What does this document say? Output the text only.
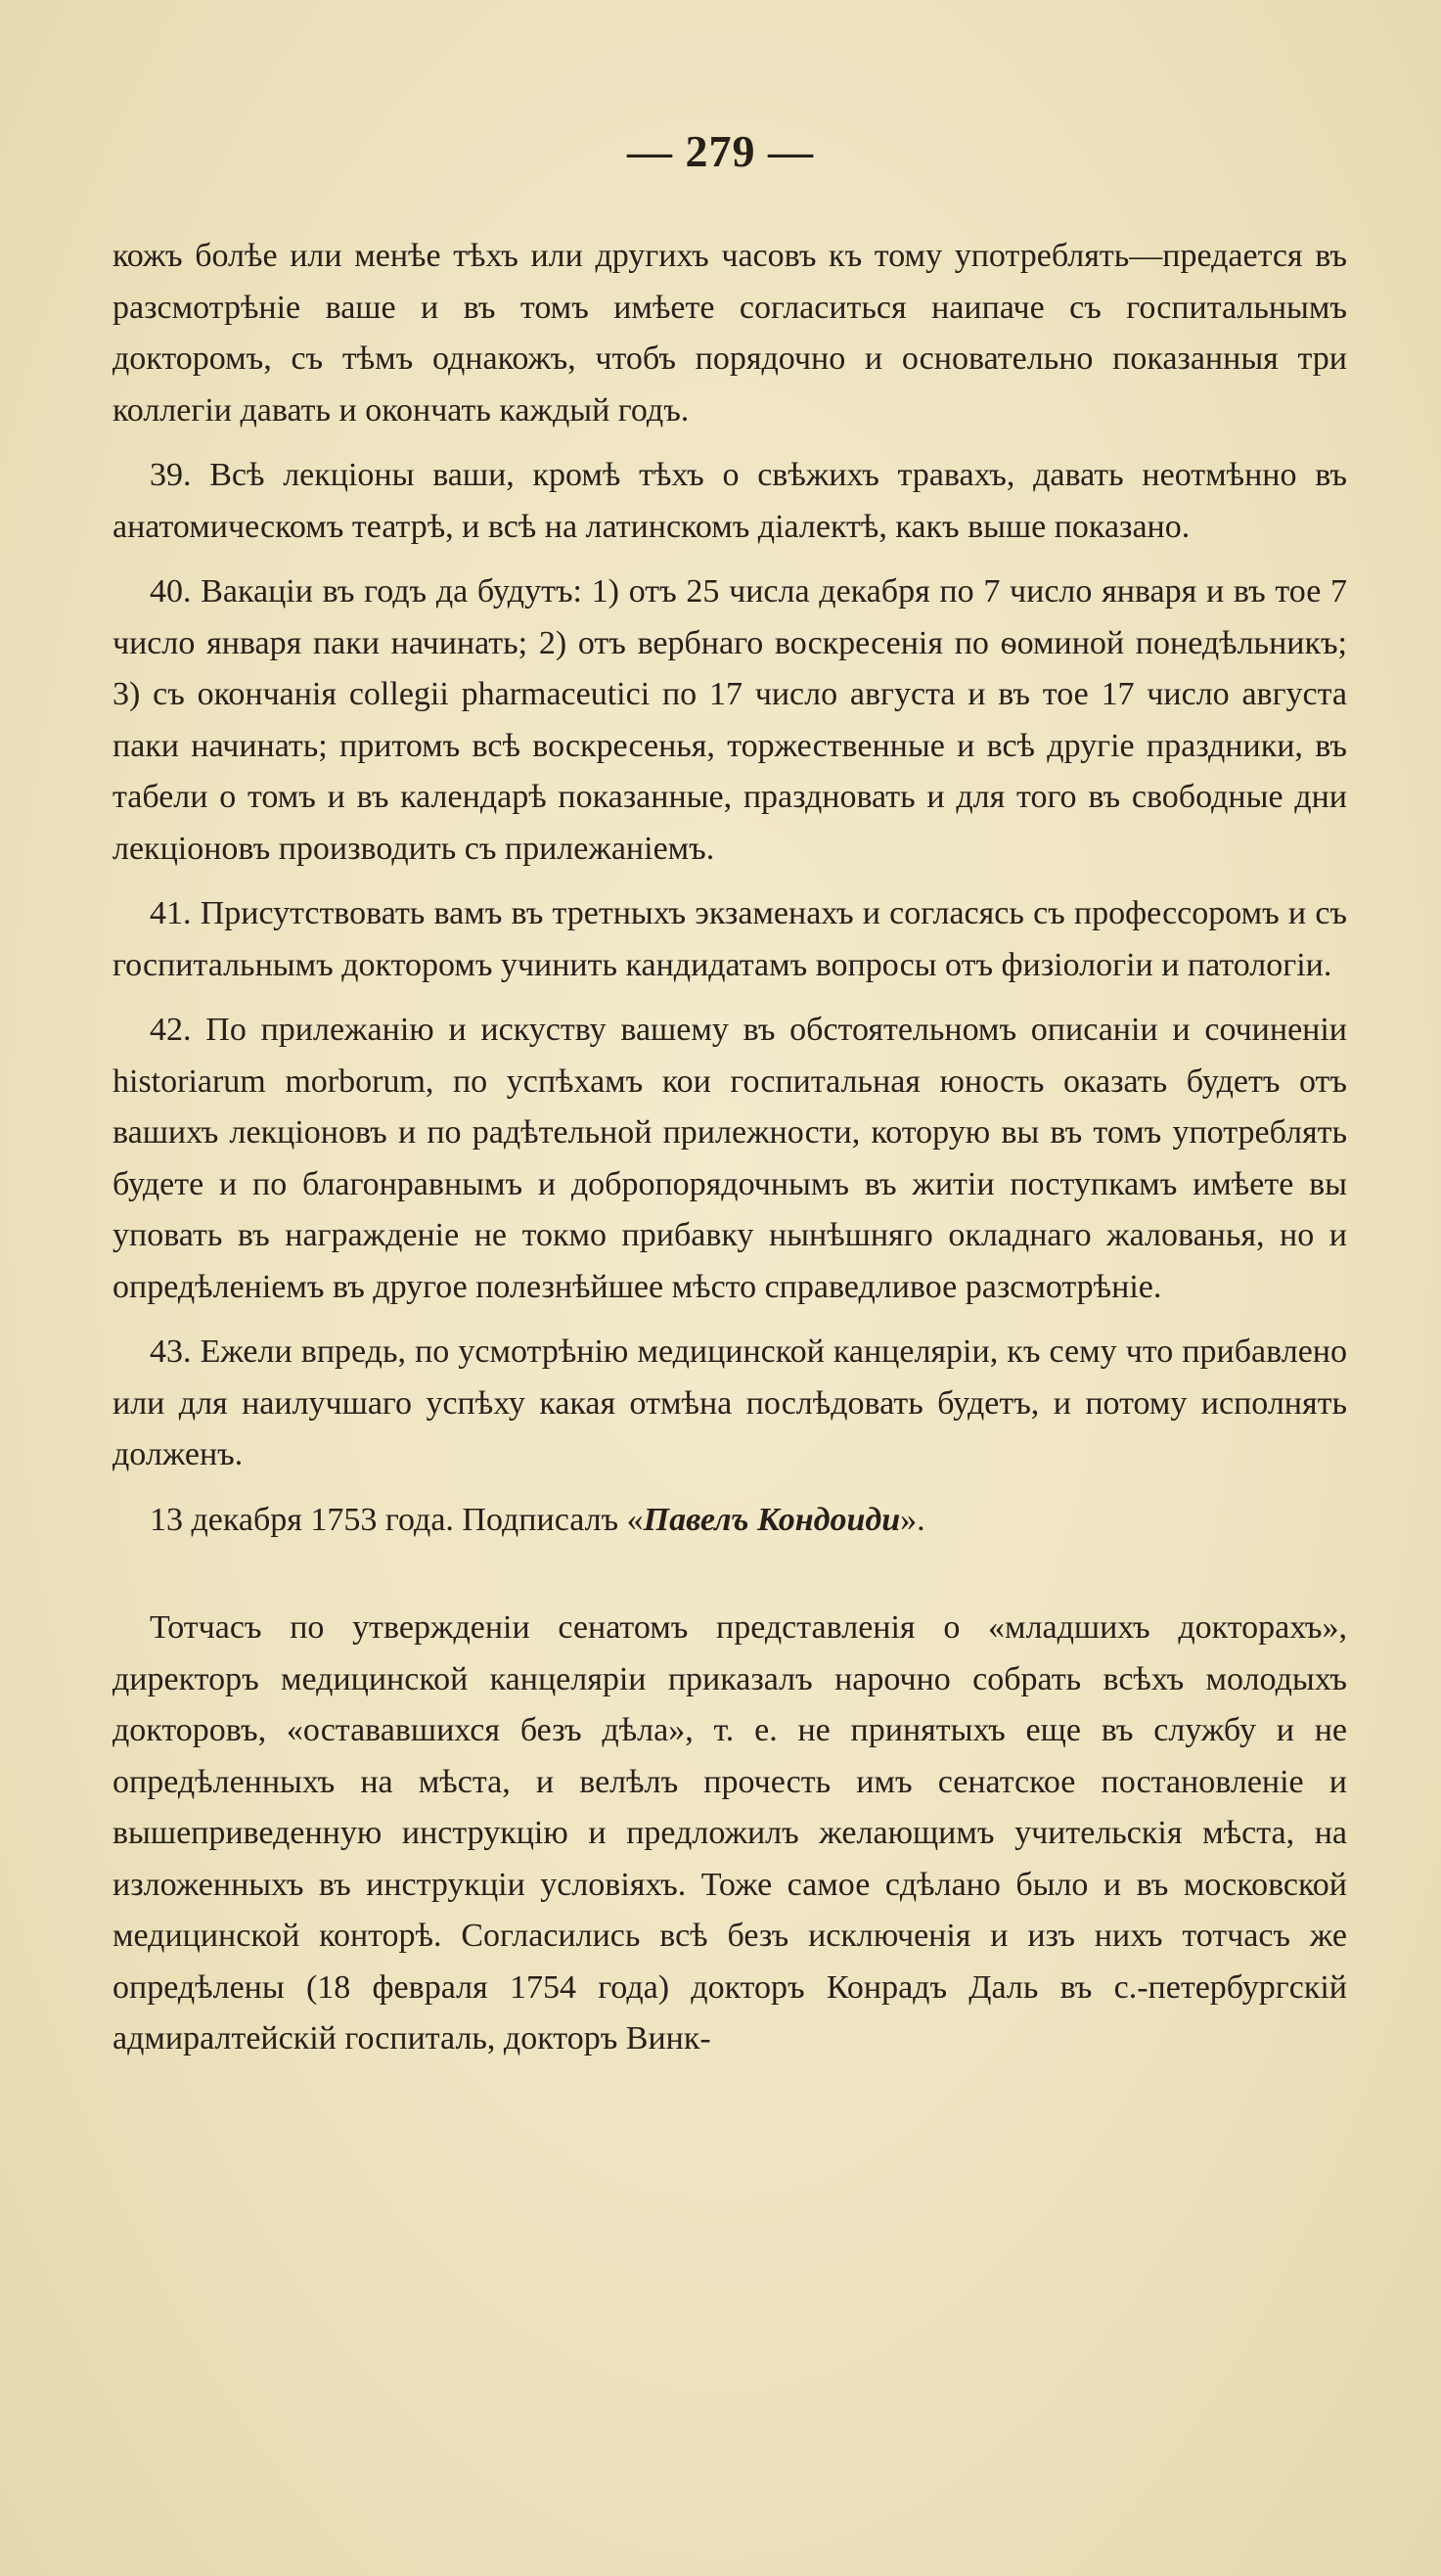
— 279 —

кожъ болѣе или менѣе тѣхъ или другихъ часовъ къ тому употреблять—предается въ разсмотрѣніе ваше и въ томъ имѣете согласиться наипаче съ госпитальнымъ докторомъ, съ тѣмъ однакожъ, чтобъ порядочно и основательно показанныя три коллегіи давать и окончать каждый годъ.

39. Всѣ лекціоны ваши, кромѣ тѣхъ о свѣжихъ травахъ, давать неотмѣнно въ анатомическомъ театрѣ, и всѣ на латинскомъ діалектѣ, какъ выше показано.

40. Вакаціи въ годъ да будутъ: 1) отъ 25 числа декабря по 7 число января и въ тое 7 число января паки начинать; 2) отъ вербнаго воскресенія по ѳоминой понедѣльникъ; 3) съ окончанія collegii pharmaceutici по 17 число августа и въ тое 17 число августа паки начинать; притомъ всѣ воскресенья, торжественные и всѣ другіе праздники, въ табели о томъ и въ календарѣ показанные, праздновать и для того въ свободные дни лекціоновъ производить съ прилежаніемъ.

41. Присутствовать вамъ въ третныхъ экзаменахъ и согласясь съ профессоромъ и съ госпитальнымъ докторомъ учинить кандидатамъ вопросы отъ физіологіи и патологіи.

42. По прилежанію и искуству вашему въ обстоятельномъ описаніи и сочиненіи historiarum morborum, по успѣхамъ кои госпитальная юность оказать будетъ отъ вашихъ лекціоновъ и по радѣтельной прилежности, которую вы въ томъ употреблять будете и по благонравнымъ и добропорядочнымъ въ житіи поступкамъ имѣете вы уповать въ награжденіе не токмо прибавку нынѣшняго окладнаго жалованья, но и опредѣленіемъ въ другое полезнѣйшее мѣсто справедливое разсмотрѣніе.

43. Ежели впредь, по усмотрѣнію медицинской канцеляріи, къ сему что прибавлено или для наилучшаго успѣху какая отмѣна послѣдовать будетъ, и потому исполнять долженъ.

13 декабря 1753 года. Подписалъ «Павелъ Кондоиди».

Тотчасъ по утвержденіи сенатомъ представленія о «младшихъ докторахъ», директоръ медицинской канцеляріи приказалъ нарочно собрать всѣхъ молодыхъ докторовъ, «остававшихся безъ дѣла», т. е. не принятыхъ еще въ службу и не опредѣленныхъ на мѣста, и велѣлъ прочесть имъ сенатское постановленіе и вышеприведенную инструкцію и предложилъ желающимъ учительскія мѣста, на изложенныхъ въ инструкціи условіяхъ. Тоже самое сдѣлано было и въ московской медицинской конторѣ. Согласились всѣ безъ исключенія и изъ нихъ тотчасъ же опредѣлены (18 февраля 1754 года) докторъ Конрадъ Даль въ с.-петербургскій адмиралтейскій госпиталь, докторъ Винк-
